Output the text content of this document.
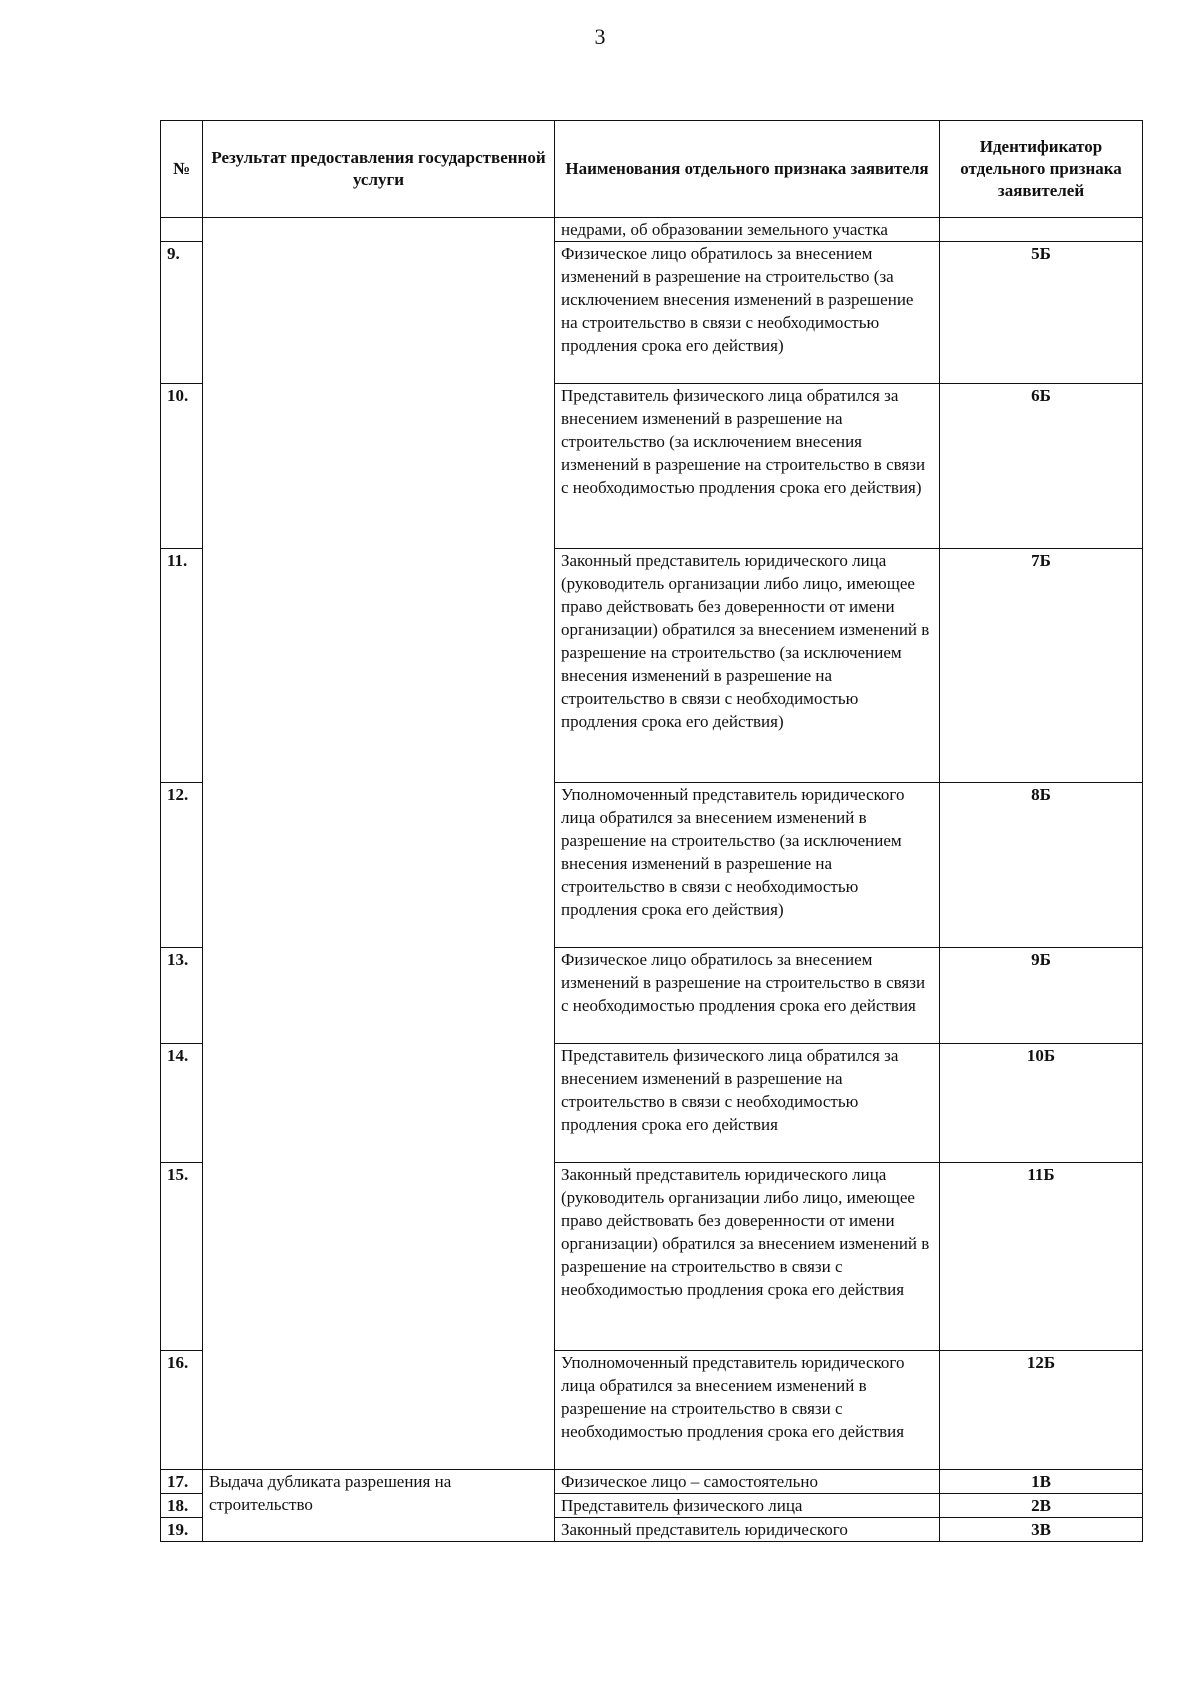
3
№	Результат предоставления государственной услуги	Наименования отдельного признака заявителя	Идентификатор отдельного признака заявителей
		недрами, об образовании земельного участка	
9.		Физическое лицо обратилось за внесением изменений в разрешение на строительство (за исключением внесения изменений в разрешение на строительство в связи с необходимостью продления срока его действия)	5Б
10.		Представитель физического лица обратился за внесением изменений в разрешение на строительство (за исключением внесения изменений в разрешение на строительство в связи с необходимостью продления срока его действия)	6Б
11.		Законный представитель юридического лица (руководитель организации либо лицо, имеющее право действовать без доверенности от имени организации) обратился за внесением изменений в разрешение на строительство (за исключением внесения изменений в разрешение на строительство в связи с необходимостью продления срока его действия)	7Б
12.		Уполномоченный представитель юридического лица обратился за внесением изменений в разрешение на строительство (за исключением внесения изменений в разрешение на строительство в связи с необходимостью продления срока его действия)	8Б
13.		Физическое лицо обратилось за внесением изменений в разрешение на строительство в связи с необходимостью продления срока его действия	9Б
14.		Представитель физического лица обратился за внесением изменений в разрешение на строительство в связи с необходимостью продления срока его действия	10Б
15.		Законный представитель юридического лица (руководитель организации либо лицо, имеющее право действовать без доверенности от имени организации) обратился за внесением изменений в разрешение на строительство в связи с необходимостью продления срока его действия	11Б
16.		Уполномоченный представитель юридического лица обратился за внесением изменений в разрешение на строительство в связи с необходимостью продления срока его действия	12Б
17.	Выдача дубликата разрешения на строительство	Физическое лицо – самостоятельно	1В
18.		Представитель физического лица	2В
19.		Законный представитель юридического	3В
